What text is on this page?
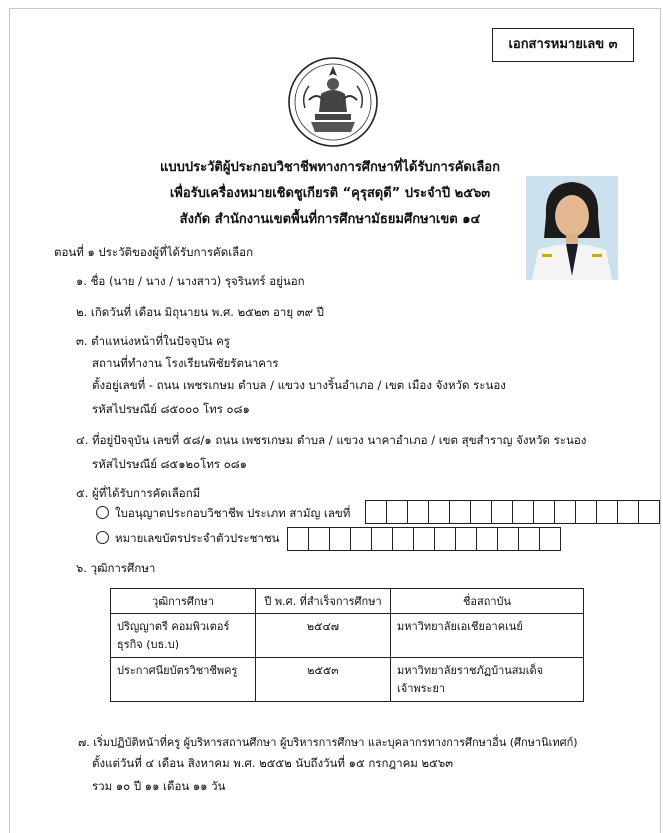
เอกสารหมายเลข ๓
แบบประวัติผู้ประกอบวิชาชีพทางการศึกษาที่ได้รับการคัดเลือก
เพื่อรับเครื่องหมายเชิดชูเกียรติ “คุรุสดุดี” ประจำปี ๒๕๖๓
สังกัด สำนักงานเขตพื้นที่การศึกษามัธยมศึกษาเขต ๑๔
ตอนที่ ๑ ประวัติของผู้ที่ได้รับการคัดเลือก
๑. ชื่อ (นาย / นาง / นางสาว) รุจรินทร์ อยู่นอก
๒. เกิดวันที่ เดือน มิถุนายน พ.ศ. ๒๕๒๓ อายุ ๓๙ ปี
๓. ตำแหน่งหน้าที่ในปัจจุบัน ครู
สถานที่ทำงาน โรงเรียนพิชัยรัตนาคาร
ตั้งอยู่เลขที่ - ถนน เพชรเกษม ตำบล / แขวง บางริ้นอำเภอ / เขต เมือง จังหวัด ระนอง
รหัสไปรษณีย์ ๘๕๐๐๐ โทร ๐๘๑
๔. ที่อยู่ปัจจุบัน เลขที่ ๕๘/๑ ถนน เพชรเกษม ตำบล / แขวง นาคาอำเภอ / เขต สุขสำราญ จังหวัด ระนอง
รหัสไปรษณีย์ ๘๕๑๒๐โทร ๐๘๑
๕. ผู้ที่ได้รับการคัดเลือกมี
ใบอนุญาตประกอบวิชาชีพ ประเภท สามัญ เลขที่
หมายเลขบัตรประจำตัวประชาชน
๖. วุฒิการศึกษา
วุฒิการศึกษา	ปี พ.ศ. ที่สำเร็จการศึกษา	ชื่อสถาบัน
ปริญญาตรี คอมพิวเตอร์ธุรกิจ (บธ.บ)	๒๕๔๗	มหาวิทยาลัยเอเชียอาคเนย์
ประกาศนียบัตรวิชาชีพครู	๒๕๕๓	มหาวิทยาลัยราชภัฏบ้านสมเด็จเจ้าพระยา
๗. เริ่มปฏิบัติหน้าที่ครู ผู้บริหารสถานศึกษา ผู้บริหารการศึกษา และบุคลากรทางการศึกษาอื่น (ศึกษานิเทศก์)
ตั้งแต่วันที่ ๔ เดือน สิงหาคม พ.ศ. ๒๕๕๒ นับถึงวันที่ ๑๕ กรกฎาคม ๒๕๖๓
รวม ๑๐ ปี ๑๑ เดือน ๑๑ วัน
